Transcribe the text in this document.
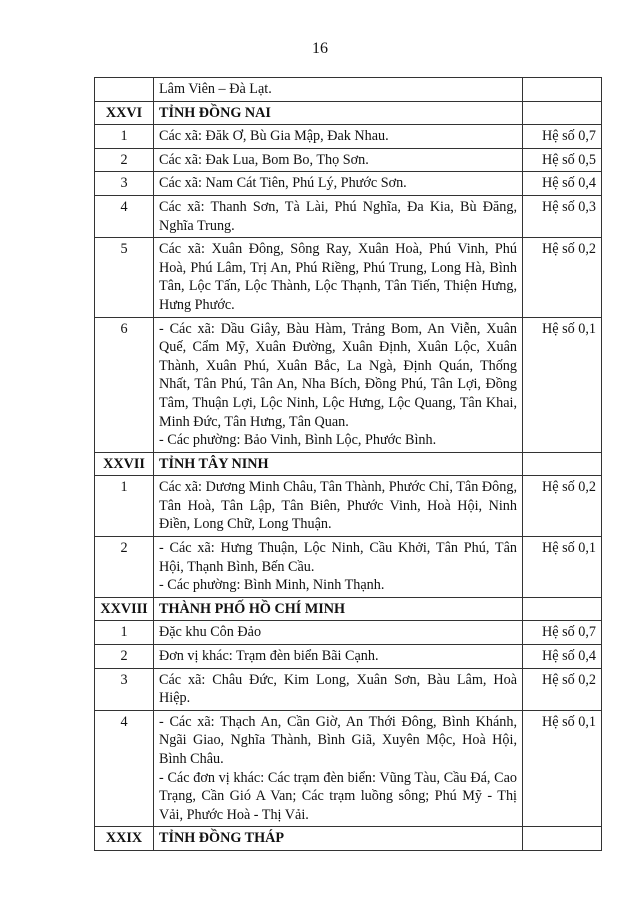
16

	Lâm Viên – Đà Lạt.	

XXVI	TỈNH ĐỒNG NAI	

1	Các xã: Đăk Ơ, Bù Gia Mập, Đak Nhau.	Hệ số 0,7
2	Các xã: Đak Lua, Bom Bo, Thọ Sơn.	Hệ số 0,5
3	Các xã: Nam Cát Tiên, Phú Lý, Phước Sơn.	Hệ số 0,4
4	Các xã: Thanh Sơn, Tà Lài, Phú Nghĩa, Đa Kia, Bù Đăng, Nghĩa Trung.	Hệ số 0,3
5	Các xã: Xuân Đông, Sông Ray, Xuân Hoà, Phú Vinh, Phú Hoà, Phú Lâm, Trị An, Phú Riềng, Phú Trung, Long Hà, Bình Tân, Lộc Tấn, Lộc Thành, Lộc Thạnh, Tân Tiến, Thiện Hưng, Hưng Phước.	Hệ số 0,2
6	- Các xã: Dầu Giây, Bàu Hàm, Trảng Bom, An Viễn, Xuân Quế, Cẩm Mỹ, Xuân Đường, Xuân Định, Xuân Lộc, Xuân Thành, Xuân Phú, Xuân Bắc, La Ngà, Định Quán, Thống Nhất, Tân Phú, Tân An, Nha Bích, Đồng Phú, Tân Lợi, Đồng Tâm, Thuận Lợi, Lộc Ninh, Lộc Hưng, Lộc Quang, Tân Khai, Minh Đức, Tân Hưng, Tân Quan.

- Các phường: Bảo Vinh, Bình Lộc, Phước Bình.	Hệ số 0,1
XXVII	TỈNH TÂY NINH	

1	Các xã: Dương Minh Châu, Tân Thành, Phước Chỉ, Tân Đông, Tân Hoà, Tân Lập, Tân Biên, Phước Vinh, Hoà Hội, Ninh Điền, Long Chữ, Long Thuận.	Hệ số 0,2
2	- Các xã: Hưng Thuận, Lộc Ninh, Cầu Khởi, Tân Phú, Tân Hội, Thạnh Bình, Bến Cầu.

- Các phường: Bình Minh, Ninh Thạnh.	Hệ số 0,1
XXVIII	THÀNH PHỐ HỒ CHÍ MINH	

1	Đặc khu Côn Đảo	Hệ số 0,7
2	Đơn vị khác: Trạm đèn biển Bãi Cạnh.	Hệ số 0,4
3	Các xã: Châu Đức, Kim Long, Xuân Sơn, Bàu Lâm, Hoà Hiệp.	Hệ số 0,2
4	- Các xã: Thạch An, Cần Giờ, An Thới Đông, Bình Khánh, Ngãi Giao, Nghĩa Thành, Bình Giã, Xuyên Mộc, Hoà Hội, Bình Châu.

- Các đơn vị khác: Các trạm đèn biển: Vũng Tàu, Cầu Đá, Cao Trạng, Cần Gió A Van; Các trạm luồng sông; Phú Mỹ - Thị Vải, Phước Hoà - Thị Vải.	Hệ số 0,1
XXIX	TỈNH ĐỒNG THÁP	
